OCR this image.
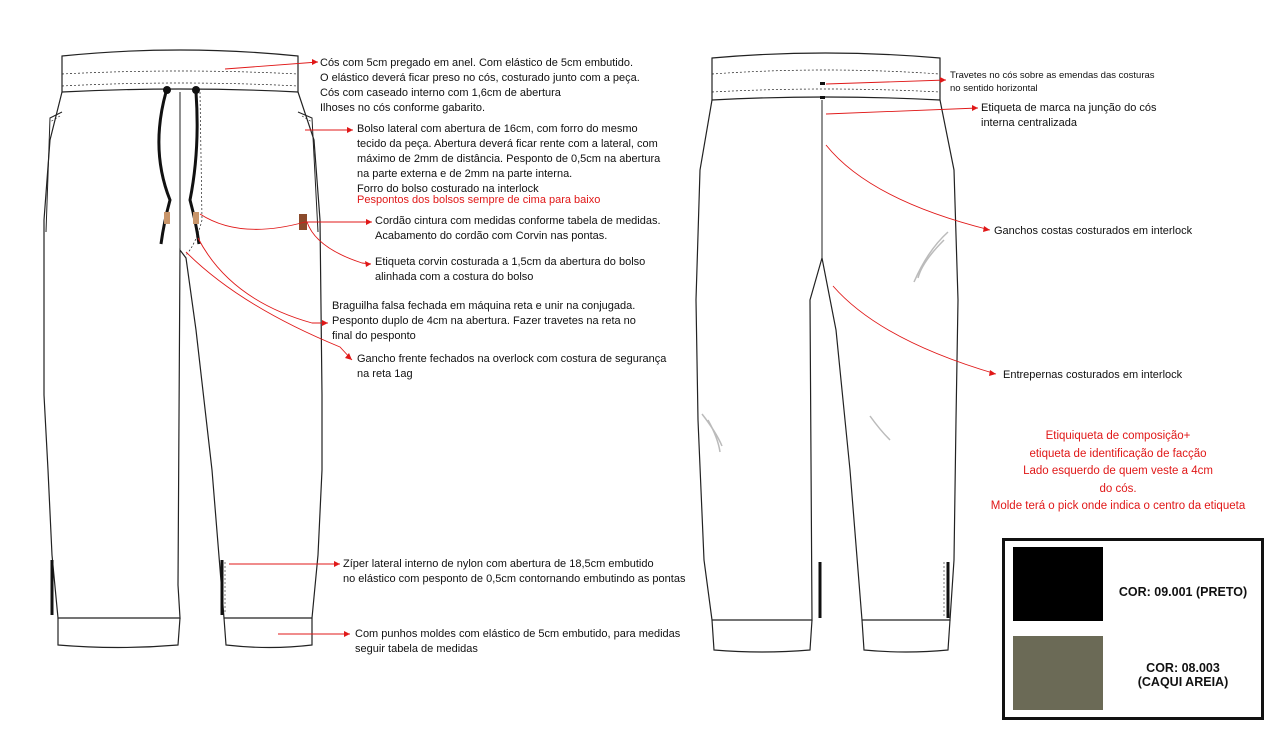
Cós com 5cm pregado em anel. Com elástico de 5cm embutido.
O elástico deverá ficar preso no cós, costurado junto com a peça.
Cós com caseado interno com 1,6cm de abertura
Ilhoses no cós conforme gabarito.
Bolso lateral com abertura de 16cm, com forro do mesmo
tecido da peça. Abertura deverá ficar rente com a lateral, com
máximo de 2mm de distância. Pesponto de 0,5cm na abertura
na parte externa e de 2mm na parte interna.
Forro do bolso costurado na interlock
Pespontos dos bolsos sempre de cima para baixo
Cordão cintura com medidas conforme tabela de medidas.
Acabamento do cordão com Corvin nas pontas.
Etiqueta corvin costurada a 1,5cm da abertura do bolso
alinhada com a costura do bolso
Braguilha falsa fechada em máquina reta e unir na conjugada.
Pesponto duplo de 4cm na abertura. Fazer travetes na reta no
final do pesponto
Gancho frente fechados na overlock com costura de segurança
na reta 1ag
Zíper lateral interno de nylon com abertura de 18,5cm embutido
no elástico com pesponto de 0,5cm contornando embutindo as pontas
Com punhos moldes com elástico de 5cm embutido, para medidas
seguir tabela de medidas
Travetes no cós sobre as emendas das costuras
no sentido horizontal
Etiqueta de marca na junção do cós
interna centralizada
Ganchos costas costurados em interlock
Entrepernas costurados em interlock
Etiquiqueta de composição+
etiqueta de identificação de facção
Lado esquerdo de quem veste a 4cm
do cós.
Molde terá o pick onde indica o centro da etiqueta
COR: 09.001 (PRETO)
COR: 08.003
(CAQUI AREIA)
